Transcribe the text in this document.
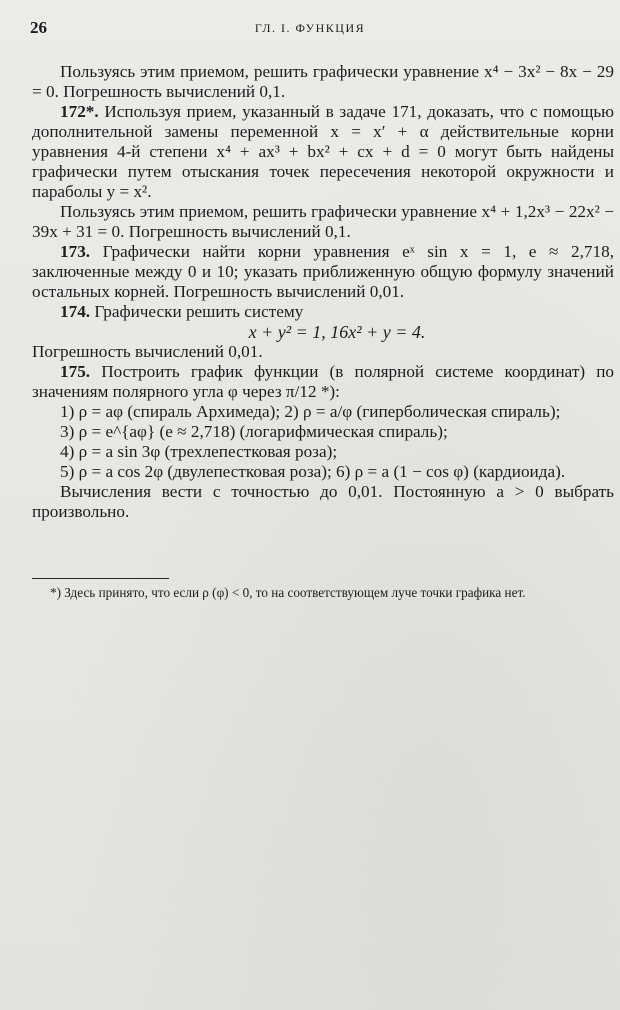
26	ГЛ. I. ФУНКЦИЯ

Пользуясь этим приемом, решить графически уравнение x⁴ − 3x² − 8x − 29 = 0. Погрешность вычислений 0,1.

172*. Используя прием, указанный в задаче 171, доказать, что с помощью дополнительной замены переменной x = x′ + α действительные корни уравнения 4-й степени x⁴ + ax³ + bx² + cx + d = 0 могут быть найдены графически путем отыскания точек пересечения некоторой окружности и параболы y = x².

Пользуясь этим приемом, решить графически уравнение x⁴ + 1,2x³ − 22x² − 39x + 31 = 0. Погрешность вычислений 0,1.

173. Графически найти корни уравнения eˣ sin x = 1, e ≈ 2,718, заключенные между 0 и 10; указать приближенную общую формулу значений остальных корней. Погрешность вычислений 0,01.

174. Графически решить систему

x + y² = 1, 16x² + y = 4.

Погрешность вычислений 0,01.

175. Построить график функции (в полярной системе координат) по значениям полярного угла φ через π/12 *):

1) ρ = aφ (спираль Архимеда); 2) ρ = a/φ (гиперболическая спираль);

3) ρ = e^{aφ} (e ≈ 2,718) (логарифмическая спираль);

4) ρ = a sin 3φ (трехлепестковая роза);

5) ρ = a cos 2φ (двулепестковая роза); 6) ρ = a (1 − cos φ) (кардиоида).

Вычисления вести с точностью до 0,01. Постоянную a > 0 выбрать произвольно.

*) Здесь принято, что если ρ (φ) < 0, то на соответствующем луче точки графика нет.
